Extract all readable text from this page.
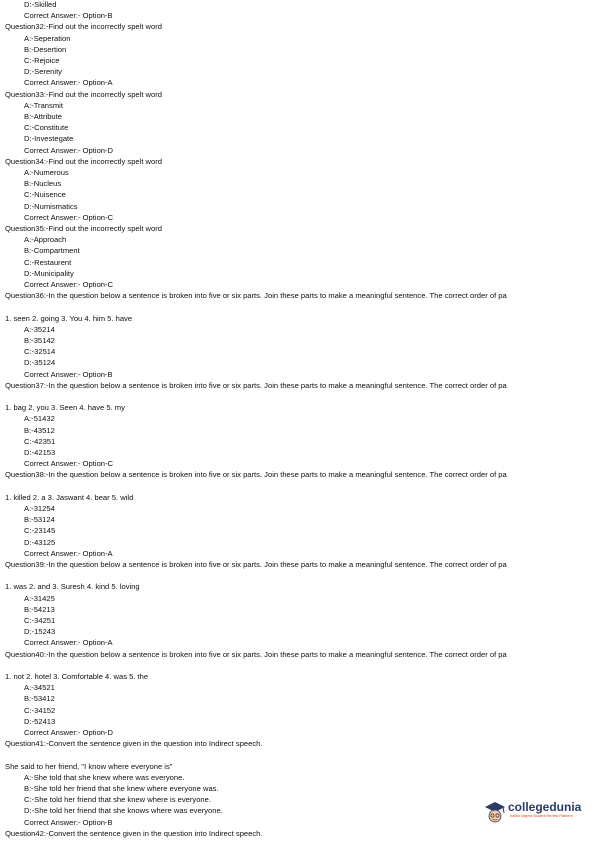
D:-Skilled
Correct Answer:- Option-B
Question32:-Find out the incorrectly spelt word
A:-Seperation
B:-Desertion
C:-Rejoice
D:-Serenity
Correct Answer:- Option-A
Question33:-Find out the incorrectly spelt word
A:-Transmit
B:-Attribute
C:-Constitute
D:-Investegate
Correct Answer:- Option-D
Question34:-Find out the incorrectly spelt word
A:-Numerous
B:-Nucleus
C:-Nuisence
D:-Numismatics
Correct Answer:- Option-C
Question35:-Find out the incorrectly spelt word
A:-Approach
B:-Compartment
C:-Restaurent
D:-Municipality
Correct Answer:- Option-C
Question36:-In the question below a sentence is broken into five or six parts. Join these parts to make a meaningful sentence. The correct order of pa
1. seen 2. going 3. You 4. him 5. have
A:-35214
B:-35142
C:-32514
D:-35124
Correct Answer:- Option-B
Question37:-In the question below a sentence is broken into five or six parts. Join these parts to make a meaningful sentence. The correct order of pa
1. bag 2. you 3. Seen 4. have 5. my
A:-51432
B:-43512
C:-42351
D:-42153
Correct Answer:- Option-C
Question38:-In the question below a sentence is broken into five or six parts. Join these parts to make a meaningful sentence. The correct order of pa
1. killed 2. a 3. Jaswant 4. bear 5. wild
A:-31254
B:-53124
C:-23145
D:-43125
Correct Answer:- Option-A
Question39:-In the question below a sentence is broken into five or six parts. Join these parts to make a meaningful sentence. The correct order of pa
1. was 2. and 3. Suresh 4. kind 5. loving
A:-31425
B:-54213
C:-34251
D:-15243
Correct Answer:- Option-A
Question40:-In the question below a sentence is broken into five or six parts. Join these parts to make a meaningful sentence. The correct order of pa
1. not 2. hotel 3. Comfortable 4. was 5. the
A:-34521
B:-53412
C:-34152
D:-52413
Correct Answer:- Option-D
Question41:-Convert the sentence given in the question into Indirect speech.
She said to her friend, "I know where everyone is"
A:-She told that she knew where was everyone.
B:-She told her friend that she knew where everyone was.
C:-She told her friend that she knew where is everyone.
D:-She told her friend that she knows where was everyone.
Correct Answer:- Option-B
Question42:-Convert the sentence given in the question into Indirect speech.
collegedunia
India's largest Student Review Platform
